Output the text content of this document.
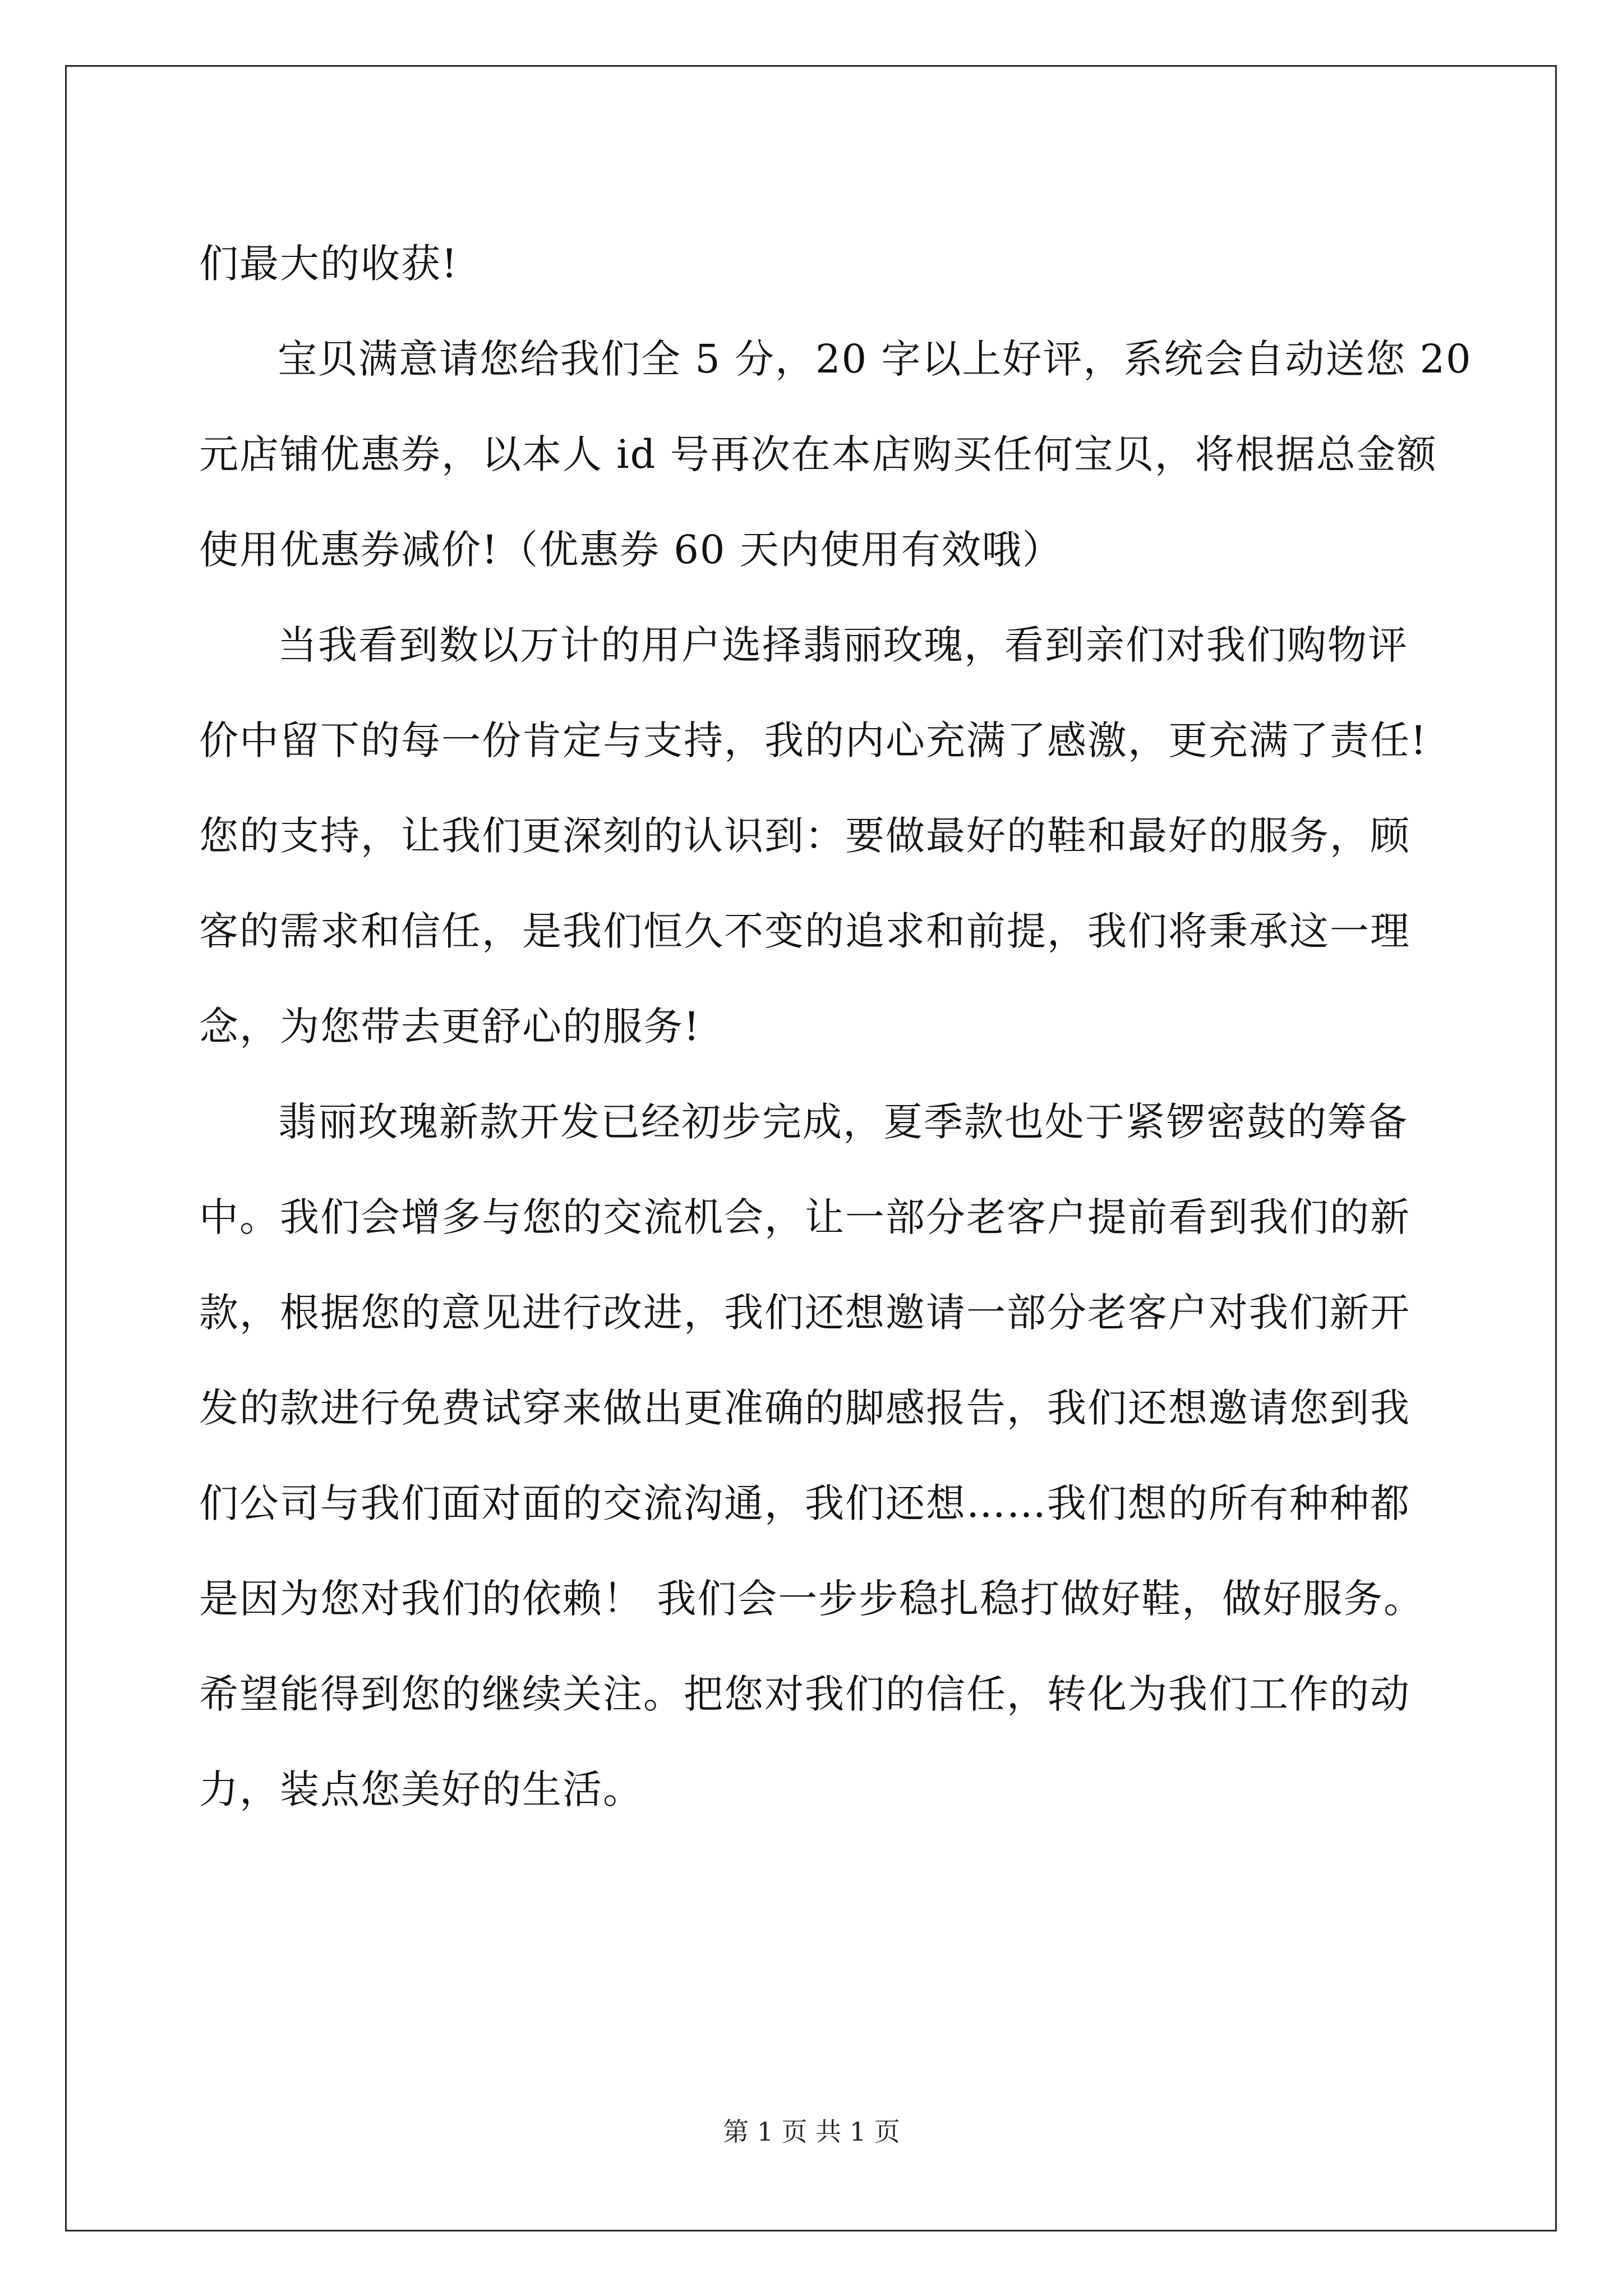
们最大的收获!
宝贝满意请您给我们全 5 分，20 字以上好评，系统会自动送您 20
元店铺优惠券，以本人 id 号再次在本店购买任何宝贝，将根据总金额
使用优惠券减价!（优惠券 60 天内使用有效哦）
当我看到数以万计的用户选择翡丽玫瑰，看到亲们对我们购物评
价中留下的每一份肯定与支持，我的内心充满了感激，更充满了责任!
您的支持，让我们更深刻的认识到：要做最好的鞋和最好的服务，顾
客的需求和信任，是我们恒久不变的追求和前提，我们将秉承这一理
念，为您带去更舒心的服务!
翡丽玫瑰新款开发已经初步完成，夏季款也处于紧锣密鼓的筹备
中。我们会增多与您的交流机会，让一部分老客户提前看到我们的新
款，根据您的意见进行改进，我们还想邀请一部分老客户对我们新开
发的款进行免费试穿来做出更准确的脚感报告，我们还想邀请您到我
们公司与我们面对面的交流沟通，我们还想……我们想的所有种种都
是因为您对我们的依赖！ 我们会一步步稳扎稳打做好鞋，做好服务。
希望能得到您的继续关注。把您对我们的信任，转化为我们工作的动
力，装点您美好的生活。
第 1 页 共 1 页
